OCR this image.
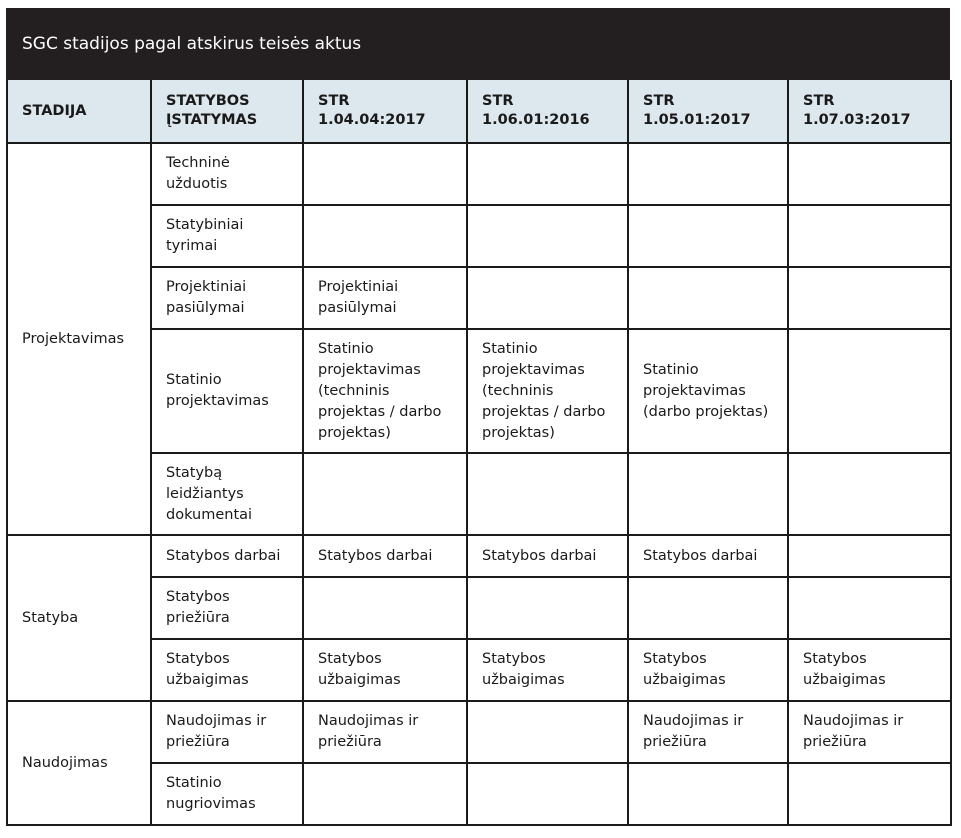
SGC stadijos pagal atskirus teisės aktus
STADIJA	STATYBOS ĮSTATYMAS	STR 1.04.04:2017	STR 1.06.01:2016	STR 1.05.01:2017	STR 1.07.03:2017
Projektavimas	Techninė užduotis				
	Statybiniai tyrimai				
	Projektiniai pasiūlymai	Projektiniai pasiūlymai			
	Statinio projektavimas	Statinio projektavimas (techninis projektas / darbo projektas)	Statinio projektavimas (techninis projektas / darbo projektas)	Statinio projektavimas (darbo projektas)	
	Statybą leidžiantys dokumentai				
Statyba	Statybos darbai	Statybos darbai	Statybos darbai	Statybos darbai	
	Statybos priežiūra				
	Statybos užbaigimas	Statybos užbaigimas	Statybos užbaigimas	Statybos užbaigimas	Statybos užbaigimas
Naudojimas	Naudojimas ir priežiūra	Naudojimas ir priežiūra		Naudojimas ir priežiūra	Naudojimas ir priežiūra
	Statinio nugriovimas				
